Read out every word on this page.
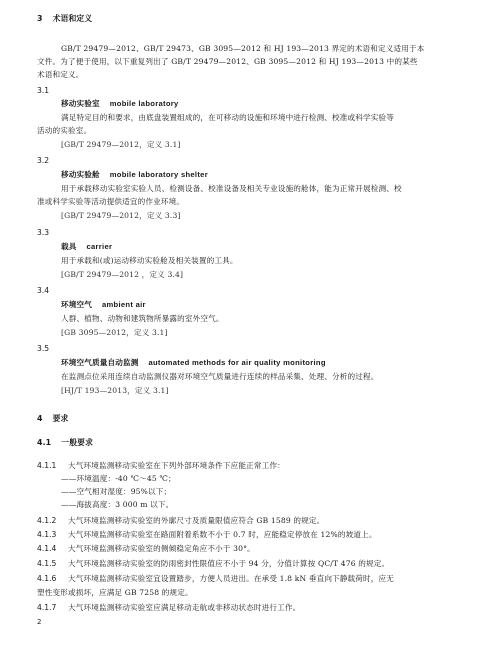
3 术语和定义
GB/T 29479—2012、GB/T 29473、GB 3095—2012 和 HJ 193—2013 界定的术语和定义适用于本
文件。为了便于使用，以下重复列出了 GB/T 29479—2012、GB 3095—2012 和 HJ 193—2013 中的某些
术语和定义。
3.1
移动实验室 mobile laboratory
满足特定目的和要求，由底盘装置组成的，在可移动的设施和环境中进行检测、校准或科学实验等
活动的实验室。
[GB/T 29479—2012，定义 3.1]
3.2
移动实验舱 mobile laboratory shelter
用于承载移动实验室实验人员、检测设备、校准设备及相关专业设施的舱体，能为正常开展检测、校
准或科学实验等活动提供适宜的作业环境。
[GB/T 29479—2012，定义 3.3]
3.3
载具 carrier
用于承载和(或)运动移动实验舱及相关装置的工具。
[GB/T 29479—2012 ，定义 3.4]
3.4
环境空气 ambient air
人群、植物、动物和建筑物所暴露的室外空气。
[GB 3095—2012，定义 3.1]
3.5
环境空气质量自动监测 automated methods for air quality monitoring
在监测点位采用连续自动监测仪器对环境空气质量进行连续的样品采集、处理、分析的过程。
[HJ/T 193—2013，定义 3.1]
4 要求
4.1 一般要求
4.1.1 大气环境监测移动实验室在下列外部环境条件下应能正常工作：
——环境温度：-40 ℃～45 ℃；
——空气相对湿度：95%以下；
——海拔高度：3 000 m 以下。
4.1.2 大气环境监测移动实验室的外廓尺寸及质量限值应符合 GB 1589 的规定。
4.1.3 大气环境监测移动实验室在路面附着系数不小于 0.7 时，应能稳定停放在 12%的坡道上。
4.1.4 大气环境监测移动实验室的侧倾稳定角应不小于 30°。
4.1.5 大气环境监测移动实验室的防雨密封性限值应不小于 94 分，分值计算按 QC/T 476 的规定。
4.1.6 大气环境监测移动实验室宜设置踏步，方便人员进出。在承受 1.8 kN 垂直向下静载荷时，应无
塑性变形或损坏，应满足 GB 7258 的规定。
4.1.7 大气环境监测移动实验室应满足移动走航或非移动状态时进行工作。
2
